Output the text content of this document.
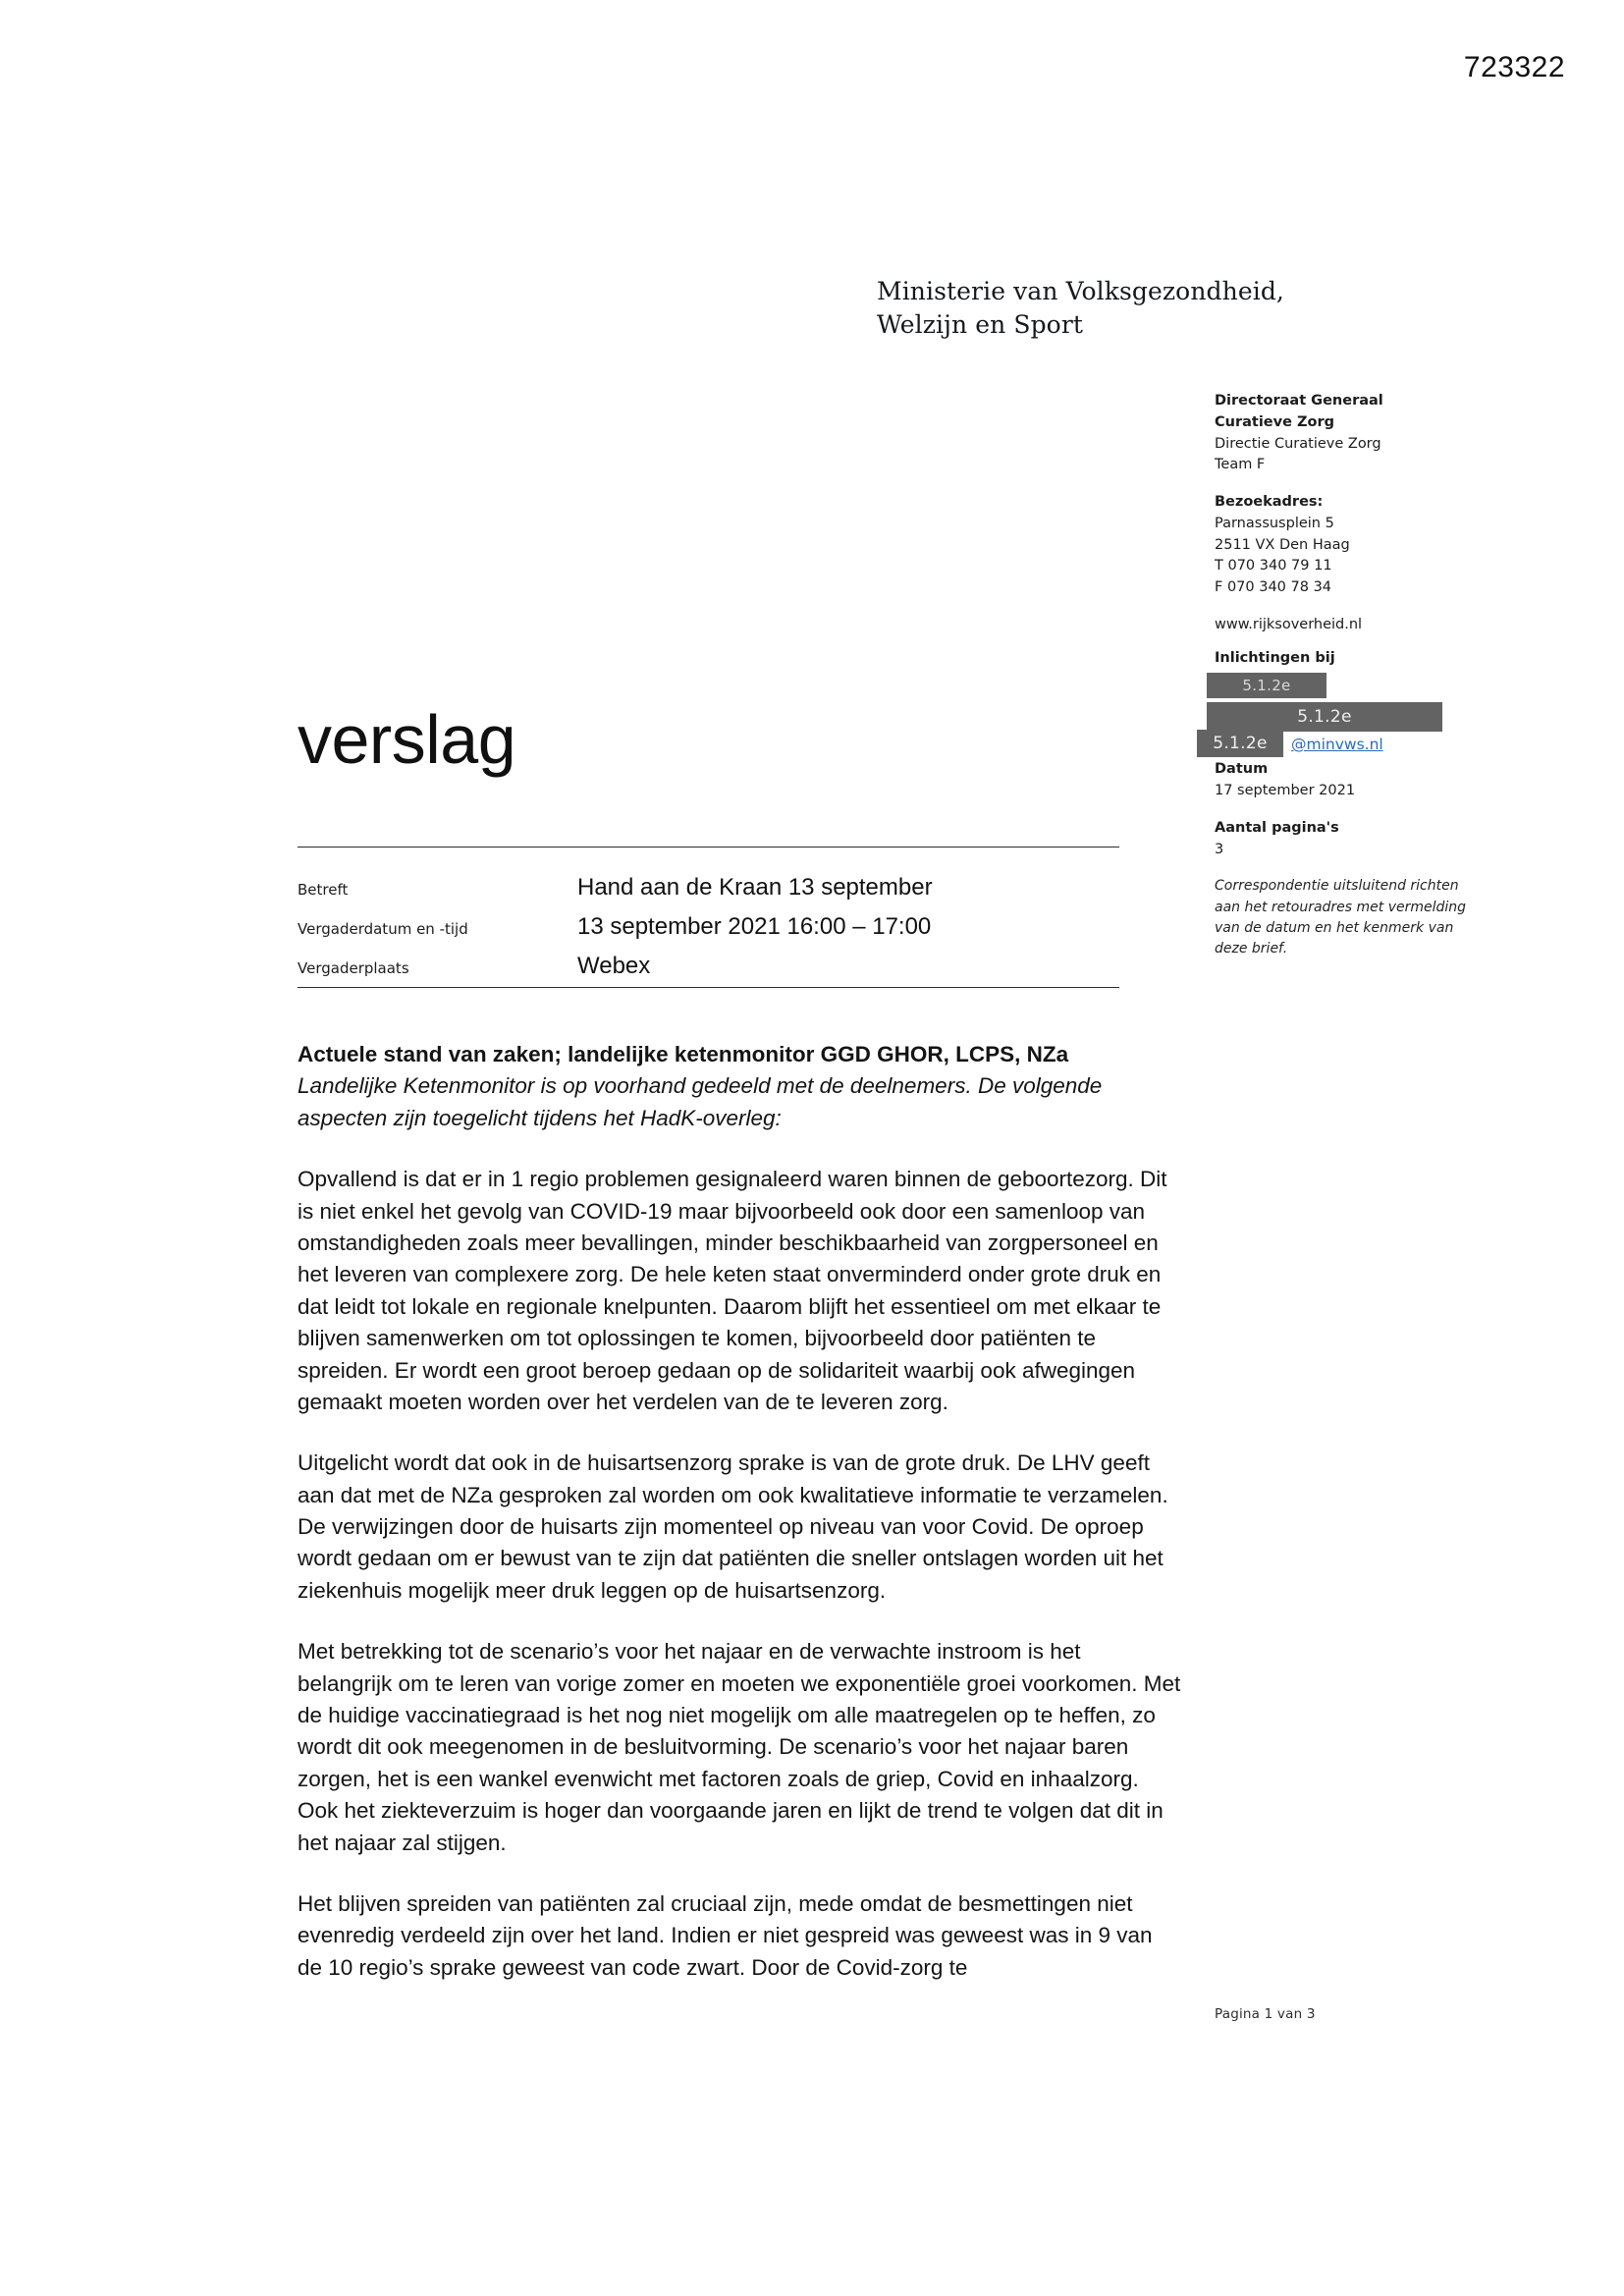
723322
Ministerie van Volksgezondheid,
Welzijn en Sport
Directoraat Generaal
Curatieve Zorg
Directie Curatieve Zorg
Team F
Bezoekadres:
Parnassusplein 5
2511 VX Den Haag
T 070 340 79 11
F 070 340 78 34
www.rijksoverheid.nl
Inlichtingen bij
5.1.2e
5.1.2e
5.1.2e	@minvws.nl
Datum
17 september 2021
Aantal pagina's
3
Correspondentie uitsluitend richten aan het retouradres met vermelding van de datum en het kenmerk van deze brief.
verslag
Betreft	Hand aan de Kraan 13 september
Vergaderdatum en -tijd	13 september 2021 16:00 – 17:00
Vergaderplaats	Webex

Actuele stand van zaken; landelijke ketenmonitor GGD GHOR, LCPS, NZa

Landelijke Ketenmonitor is op voorhand gedeeld met de deelnemers. De volgende aspecten zijn toegelicht tijdens het HadK-overleg:

Opvallend is dat er in 1 regio problemen gesignaleerd waren binnen de geboortezorg. Dit is niet enkel het gevolg van COVID-19 maar bijvoorbeeld ook door een samenloop van omstandigheden zoals meer bevallingen, minder beschikbaarheid van zorgpersoneel en het leveren van complexere zorg. De hele keten staat onverminderd onder grote druk en dat leidt tot lokale en regionale knelpunten. Daarom blijft het essentieel om met elkaar te blijven samenwerken om tot oplossingen te komen, bijvoorbeeld door patiënten te spreiden. Er wordt een groot beroep gedaan op de solidariteit waarbij ook afwegingen gemaakt moeten worden over het verdelen van de te leveren zorg.

Uitgelicht wordt dat ook in de huisartsenzorg sprake is van de grote druk. De LHV geeft aan dat met de NZa gesproken zal worden om ook kwalitatieve informatie te verzamelen. De verwijzingen door de huisarts zijn momenteel op niveau van voor Covid. De oproep wordt gedaan om er bewust van te zijn dat patiënten die sneller ontslagen worden uit het ziekenhuis mogelijk meer druk leggen op de huisartsenzorg.

Met betrekking tot de scenario’s voor het najaar en de verwachte instroom is het belangrijk om te leren van vorige zomer en moeten we exponentiële groei voorkomen. Met de huidige vaccinatiegraad is het nog niet mogelijk om alle maatregelen op te heffen, zo wordt dit ook meegenomen in de besluitvorming. De scenario’s voor het najaar baren zorgen, het is een wankel evenwicht met factoren zoals de griep, Covid en inhaalzorg. Ook het ziekteverzuim is hoger dan voorgaande jaren en lijkt de trend te volgen dat dit in het najaar zal stijgen.

Het blijven spreiden van patiënten zal cruciaal zijn, mede omdat de besmettingen niet evenredig verdeeld zijn over het land. Indien er niet gespreid was geweest was in 9 van de 10 regio’s sprake geweest van code zwart. Door de Covid-zorg te

Pagina 1 van 3
